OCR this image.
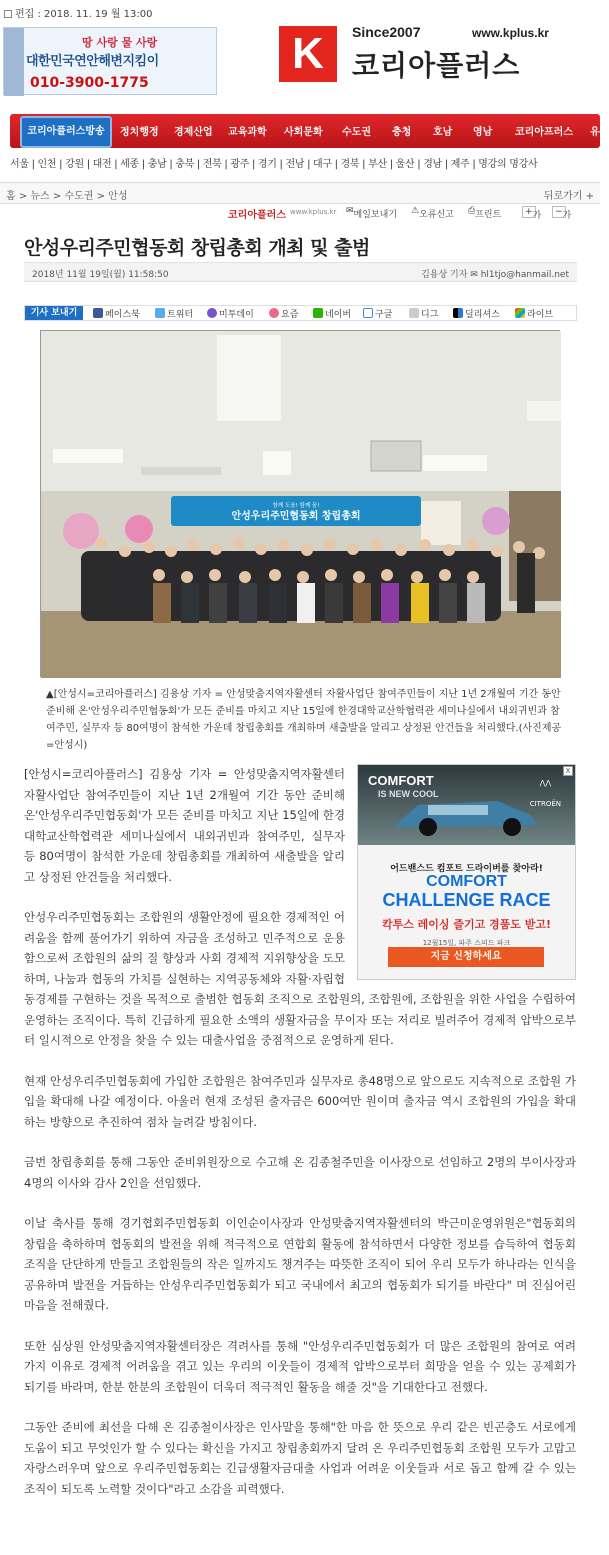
편집 : 2018. 11. 19 월 13:00
땅 사랑 물 사랑
대한민국연안해변지킴이
010-3900-1775
K	Since2007	www.kplus.kr
코리아플러스
코리아플러스방송	정치행정 경제산업 교육과학 사회문화 수도권 충청 호남 영남 코리아프러스 유튜
서울 | 인천 | 강원 | 대전 | 세종 | 충남 | 충북 | 전북 | 광주 | 경기 | 전남 | 대구 | 경북 | 부산 | 울산 | 경남 | 제주 | 명강의 명강사
홈 > 뉴스 > 수도권 > 안성	뒤로가기 +
코리아플러스 www.kplus.kr ✉ 메일보내기 ⚠ 오류신고 ⎙ 프린트	+ 가	− 가
안성우리주민협동회 창립총회 개최 및 출범
2018년 11월 19일(월) 11:58:50	김용상 기자 ✉ hl1tjo@hanmail.net
기사 보내기	페이스북	트위터	미투데이	요즘	네이버	구글	디그	딜리셔스	라이브
함께 도움! 함께 꿈!
안성우리주민협동회 창립총회
▲[안성시=코리아플러스] 김용상 기자 = 안성맞춤지역자활센터 자활사업단 참여주민들이 지난 1년 2개월여 기간 동안 준비해 온'안성우리주민협동회'가 모든 준비를 마치고 지난 15일에 한경대학교산학협력관 세미나실에서 내외귀빈과 참여주민, 실무자 등 80여명이 참석한 가운데 창립총회를 개최하며 새출발을 알리고 상정된 안건들을 처리했다.(사진제공=안성시)
COMFORT
IS NEW COOL
⋀⋀
CITROËN
X
어드밴스드 컴포트 드라이버를 찾아라!
COMFORT
CHALLENGE RACE
칵투스 레이싱 즐기고 경품도 받고!
12월15일, 파주 스피드 파크
지금 신청하세요

[안성시=코리아플러스] 김용상 기자 = 안성맞춤지역자활센터 자활사업단 참여주민들이 지난 1년 2개월여 기간 동안 준비해 온'안성우리주민협동회'가 모든 준비를 마치고 지난 15일에 한경대학교산학협력관 세미나실에서 내외귀빈과 참여주민, 실무자 등 80여명이 참석한 가운데 창립총회를 개최하여 새출발을 알리고 상정된 안건들을 처리했다.

안성우리주민협동회는 조합원의 생활안정에 필요한 경제적인 어려움을 함께 풀어가기 위하여 자금을 조성하고 민주적으로 운용함으로써 조합원의 삶의 질 향상과 사회 경제적 지위향상을 도모하며, 나눔과 협동의 가치를 실현하는 지역공동체와 자활·자립협동경제를 구현하는 것을 목적으로 출범한 협동회 조직으로 조합원의, 조합원에, 조합원을 위한 사업을 수립하여 운영하는 조직이다. 특히 긴급하게 필요한 소액의 생활자금을 무이자 또는 저리로 빌려주어 경제적 압박으로부터 일시적으로 안정을 찾을 수 있는 대출사업을 중점적으로 운영하게 된다.

현재 안성우리주민협동회에 가입한 조합원은 참여주민과 실무자로 총48명으로 앞으로도 지속적으로 조합원 가입을 확대해 나갈 예정이다. 아울러 현재 조성된 출자금은 600여만 원이며 출자금 역시 조합원의 가입을 확대하는 방향으로 추진하여 점차 늘려갈 방침이다.

금번 창립총회를 통해 그동안 준비위원장으로 수고해 온 김종철주민을 이사장으로 선임하고 2명의 부이사장과 4명의 이사와 감사 2인을 선임했다.

이날 축사를 통해 경기협회주민협동회 이인순이사장과 안성맞춤지역자활센터의 박근미운영위원은"협동회의 창립을 축하하며 협동회의 발전을 위해 적극적으로 연합회 활동에 참석하면서 다양한 정보를 습득하여 협동회 조직을 단단하게 만들고 조합원들의 작은 일까지도 챙겨주는 따뜻한 조직이 되어 우리 모두가 하나라는 인식을 공유하며 발전을 거듭하는 안성우리주민협동회가 되고 국내에서 최고의 협동회가 되기를 바란다" 며 진심어린 마음을 전해줬다.

또한 심상원 안성맞춤지역자활센터장은 격려사를 통해 "안성우리주민협동회가 더 많은 조합원의 참여로 여려가지 이유로 경제적 어려움을 겪고 있는 우리의 이웃들이 경제적 압박으로부터 희망을 얻을 수 있는 공제회가 되기를 바라며, 한분 한분의 조합원이 더욱더 적극적인 활동을 해줄 것"을 기대한다고 전했다.

그동안 준비에 최선을 다해 온 김종철이사장은 인사말을 통해"한 마음 한 뜻으로 우리 같은 빈곤층도 서로에게 도움이 되고 무엇인가 할 수 있다는 확신을 가지고 창립총회까지 달려 온 우리주민협동회 조합원 모두가 고맙고 자랑스러우며 앞으로 우리주민협동회는 긴급생활자금대출 사업과 어려운 이웃들과 서로 돕고 함께 갈 수 있는 조직이 되도록 노력할 것이다"라고 소감을 피력했다.
